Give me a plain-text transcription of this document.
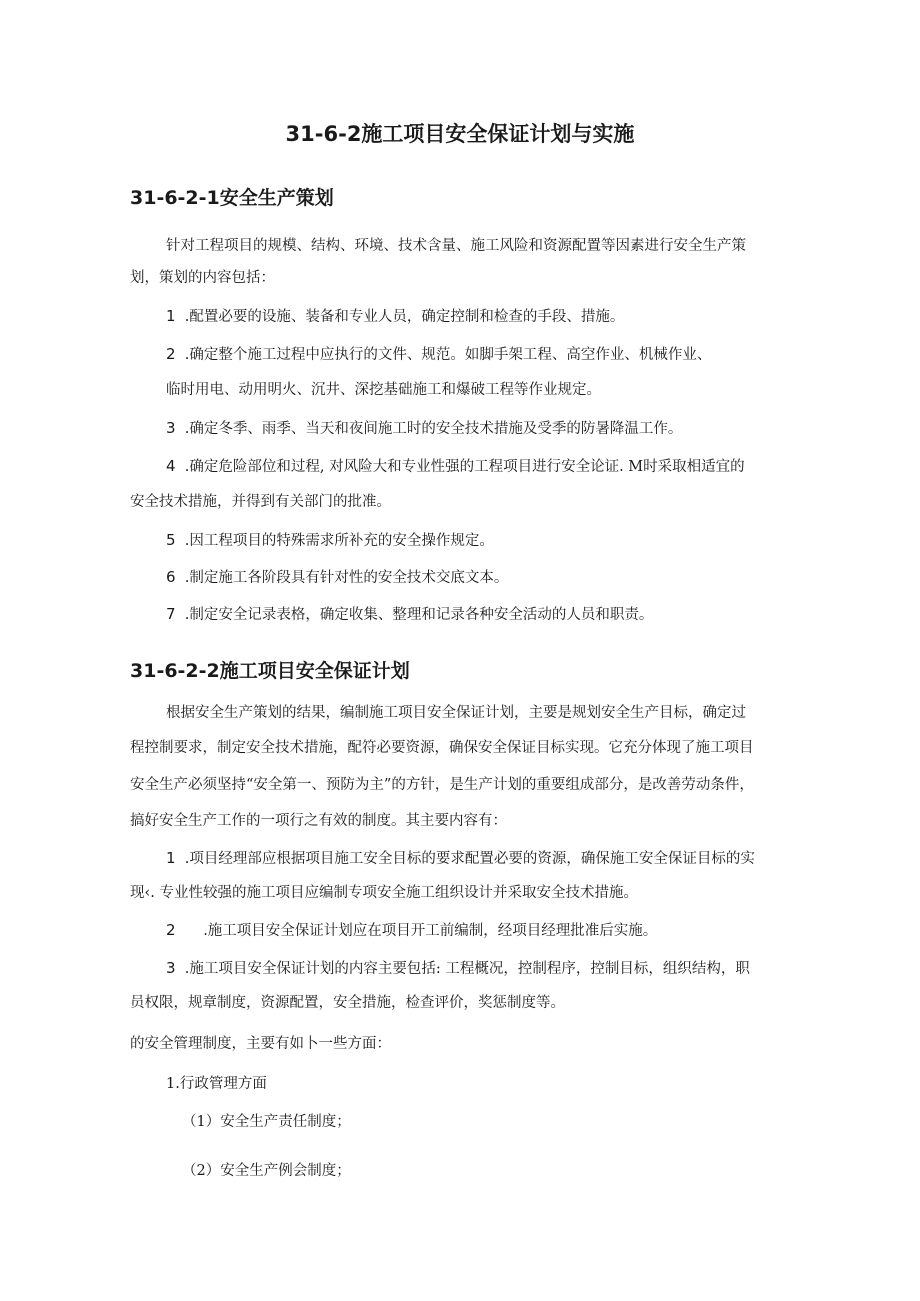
31-6-2施工项目安全保证计划与实施
31-6-2-1安全生产策划
针对工程项目的规模、结构、环境、技术含量、施工风险和资源配置等因素进行安全生产策
划，策划的内容包括：
1 .配置必要的设施、装备和专业人员，确定控制和检查的手段、措施。
2 .确定整个施工过程中应执行的文件、规范。如脚手架工程、高空作业、机械作业、
临时用电、动用明火、沉井、深挖基础施工和爆破工程等作业规定。
3 .确定冬季、雨季、当天和夜间施工时的安全技术措施及受季的防暑降温工作。
4 .确定危险部位和过程, 对风险大和专业性强的工程项目进行安全论证. M时采取相适宜的
安全技术措施，并得到有关部门的批准。
5 .因工程项目的特殊需求所补充的安全操作规定。
6 .制定施工各阶段具有针对性的安全技术交底文本。
7 .制定安全记录表格，确定收集、整理和记录各种安全活动的人员和职责。
31-6-2-2施工项目安全保证计划
根据安全生产策划的结果，编制施工项目安全保证计划，主要是规划安全生产目标，确定过
程控制要求，制定安全技术措施，配符必要资源，确保安全保证目标实现。它充分体现了施工项目
安全生产必须坚持“安全第一、预防为主”的方针，是生产计划的重要组成部分，是改善劳动条件，
搞好安全生产工作的一项行之有效的制度。其主要内容有：
1 .项目经理部应根据项目施工安全目标的要求配置必要的资源，确保施工安全保证目标的实
现‹. 专业性较强的施工项目应编制专项安全施工组织设计并采取安全技术措施。
2 .施工项目安全保证计划应在项目开工前编制，经项目经理批准后实施。
3 .施工项目安全保证计划的内容主要包括: 工程概况，控制程序，控制目标，组织结构，职
员权限，规章制度，资源配置，安全措施，检查评价，奖惩制度等。
的安全管理制度，主要有如卜一些方面：
1.行政管理方面
（1）安全生产责任制度；
（2）安全生产例会制度；
